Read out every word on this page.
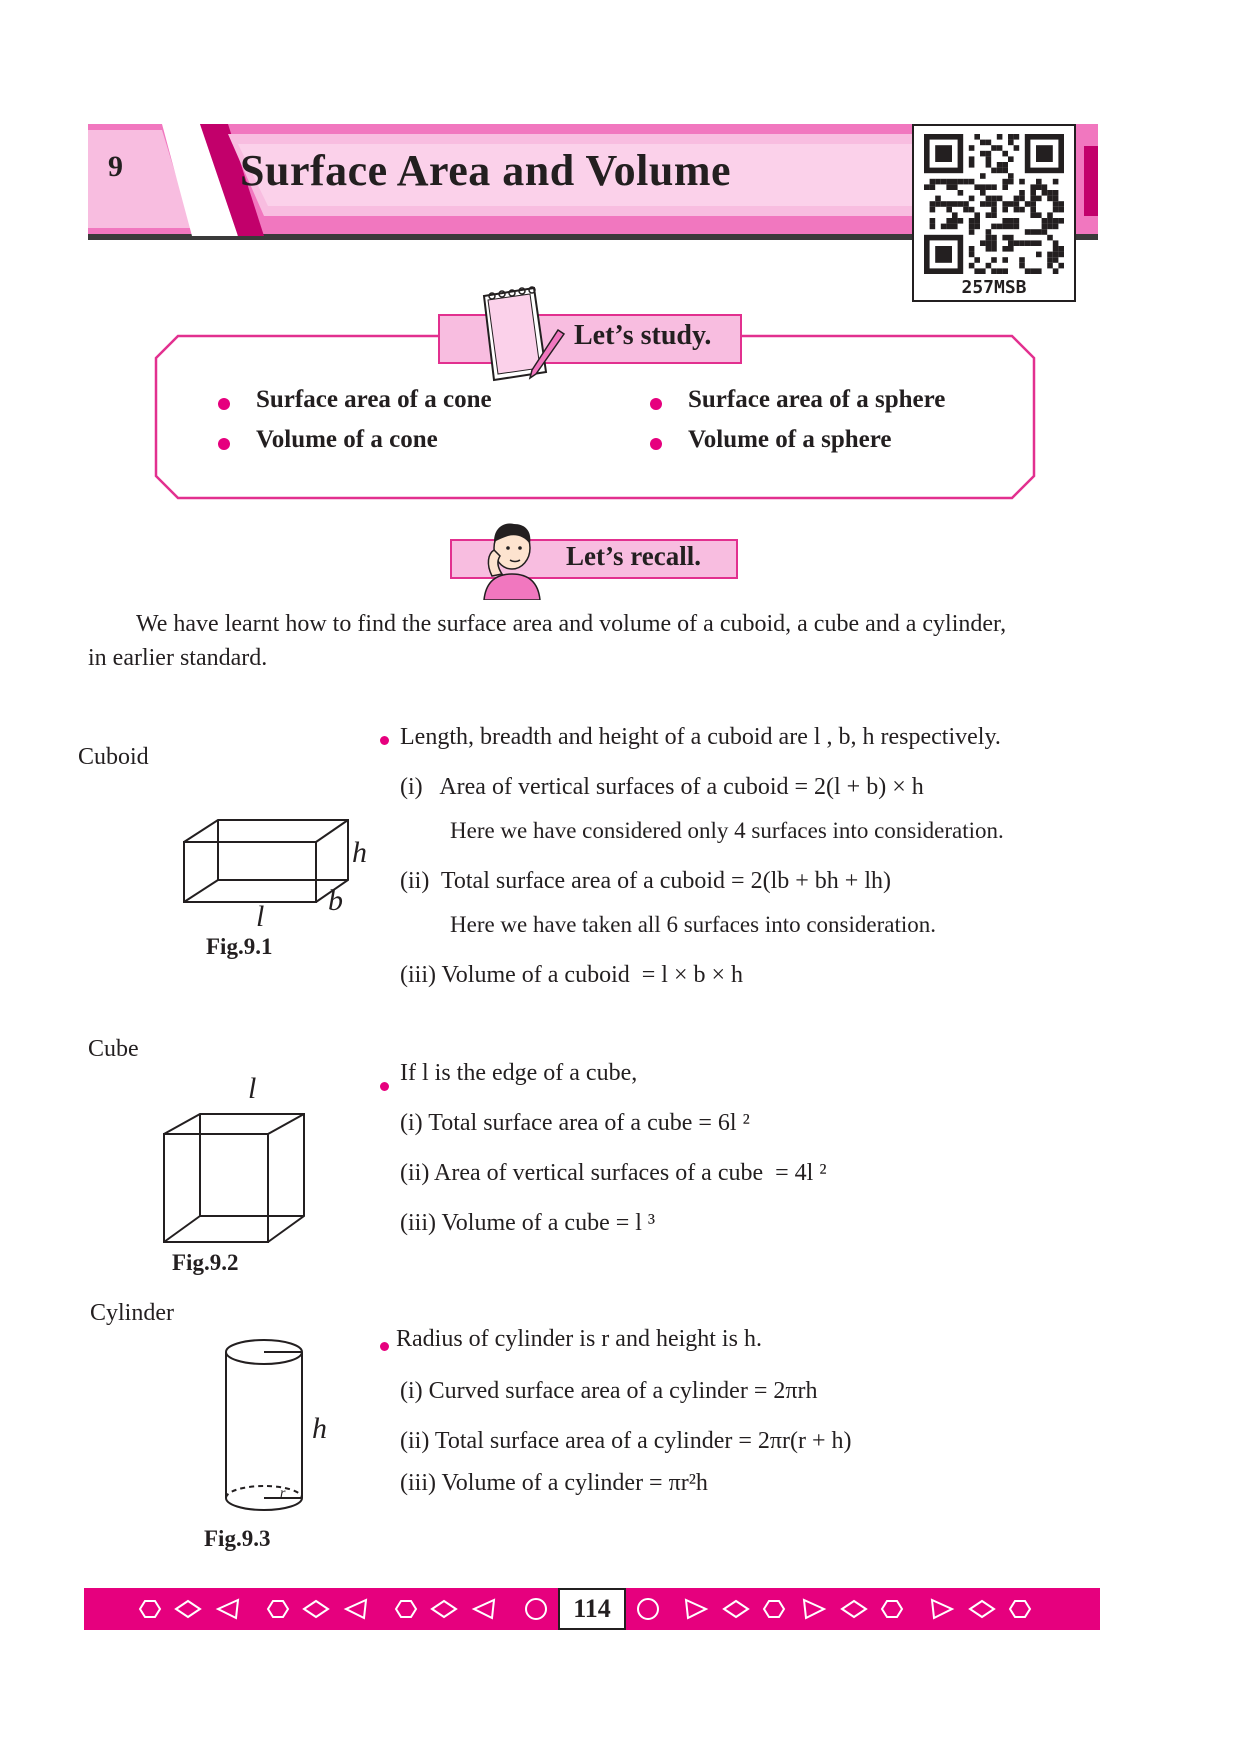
9	Surface Area and Volume
257MSB
Let’s study.
Surface area of a cone
Volume of a cone
Surface area of a sphere
Volume of a sphere
Let’s recall.
We have learnt how to find the surface area and volume of a cuboid, a cube and a cylinder,
in earlier standard.
Cuboid
h
b
l
Fig.9.1
Length, breadth and height of a cuboid are l , b, h respectively.
(i)   Area of vertical surfaces of a cuboid = 2(l + b) × h
Here we have considered only 4 surfaces into consideration.
(ii)  Total surface area of a cuboid = 2(lb + bh + lh)
Here we have taken all 6 surfaces into consideration.
(iii) Volume of a cuboid  = l × b × h
Cube
l
Fig.9.2
If l is the edge of a cube,
(i) Total surface area of a cube = 6l ²
(ii) Area of vertical surfaces of a cube  = 4l ²
(iii) Volume of a cube = l ³
Cylinder
h
r
Fig.9.3
Radius of cylinder is r and height is h.
(i) Curved surface area of a cylinder = 2πrh
(ii) Total surface area of a cylinder = 2πr(r + h)
(iii) Volume of a cylinder = πr²h
114
